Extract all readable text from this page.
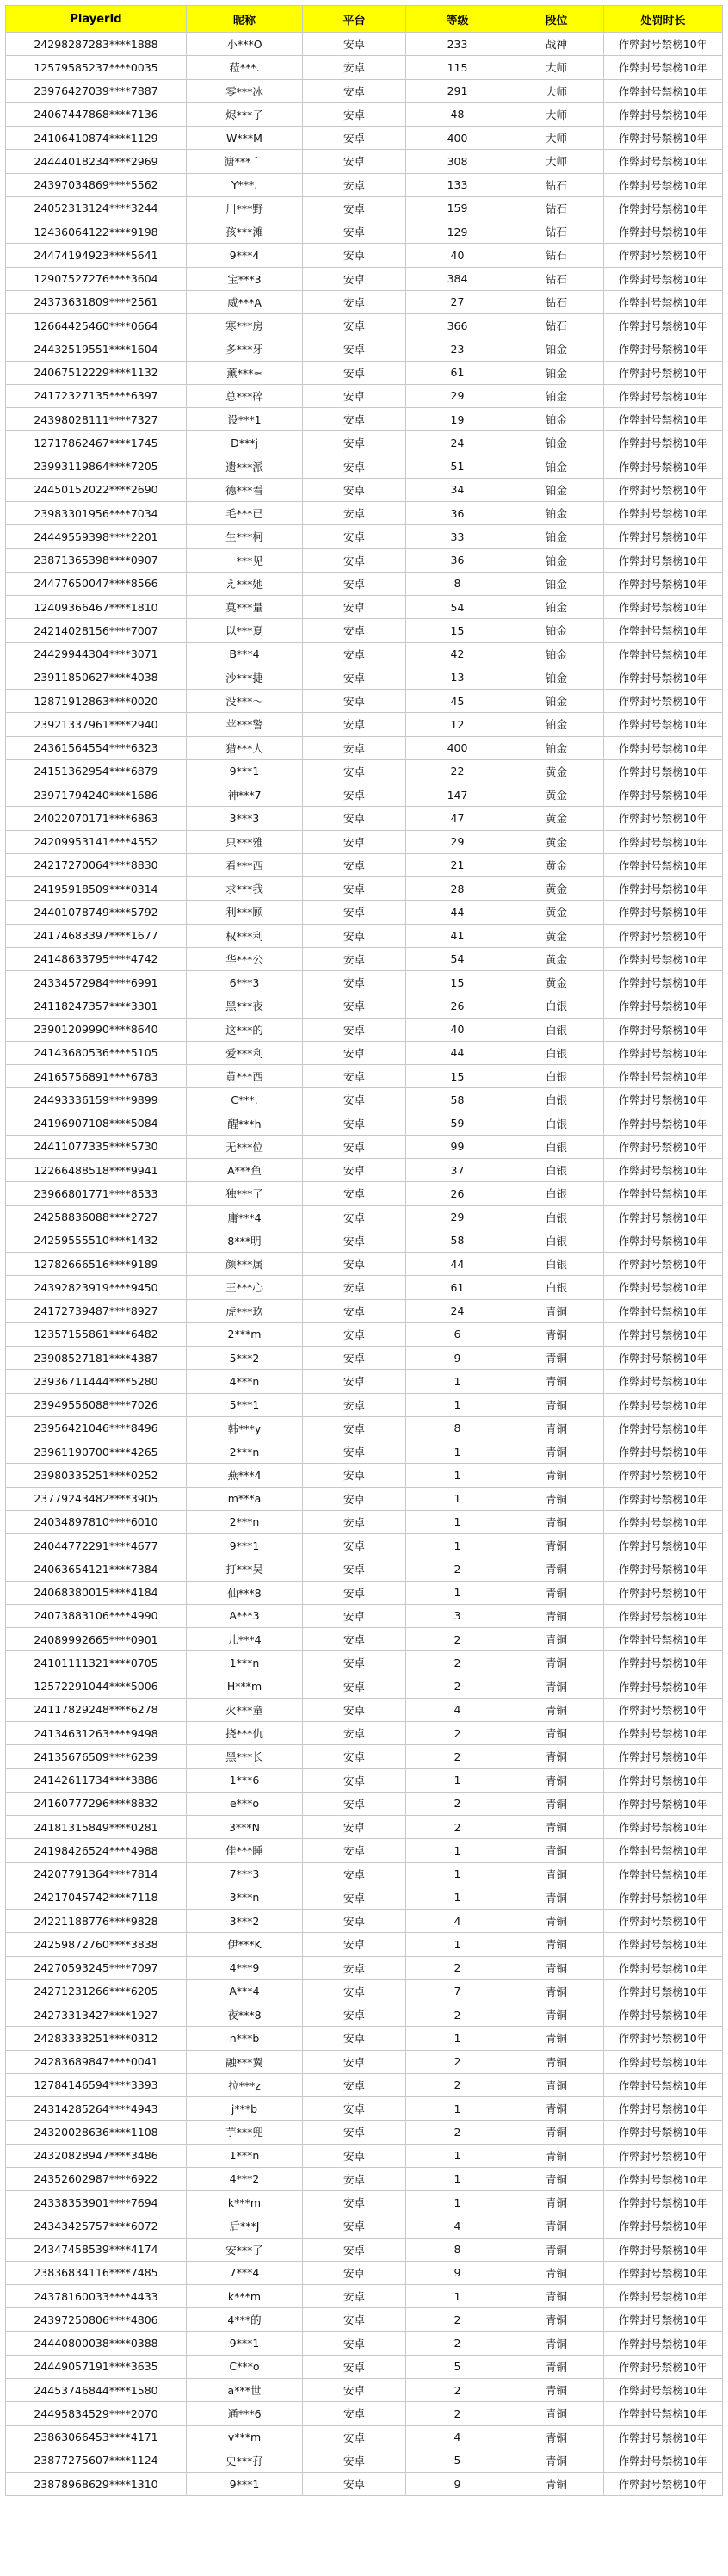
PlayerId	昵称	平台	等级	段位	处罚时长
24298287283****1888	小***O	安卓	233	战神	作弊封号禁榜10年
12579585237****0035	菈***.	安卓	115	大师	作弊封号禁榜10年
23976427039****7887	零***冰	安卓	291	大师	作弊封号禁榜10年
24067447868****7136	烬***子	安卓	48	大师	作弊封号禁榜10年
24106410874****1129	W***M	安卓	400	大师	作弊封号禁榜10年
24444018234****2969	溏*** ゛	安卓	308	大师	作弊封号禁榜10年
24397034869****5562	Y***.	安卓	133	钻石	作弊封号禁榜10年
24052313124****3244	川***野	安卓	159	钻石	作弊封号禁榜10年
12436064122****9198	孩***滩	安卓	129	钻石	作弊封号禁榜10年
24474194923****5641	9***4	安卓	40	钻石	作弊封号禁榜10年
12907527276****3604	宝***3	安卓	384	钻石	作弊封号禁榜10年
24373631809****2561	威***A	安卓	27	钻石	作弊封号禁榜10年
12664425460****0664	寒***房	安卓	366	钻石	作弊封号禁榜10年
24432519551****1604	多***牙	安卓	23	铂金	作弊封号禁榜10年
24067512229****1132	薰***≈	安卓	61	铂金	作弊封号禁榜10年
24172327135****6397	总***碎	安卓	29	铂金	作弊封号禁榜10年
24398028111****7327	设***1	安卓	19	铂金	作弊封号禁榜10年
12717862467****1745	D***j	安卓	24	铂金	作弊封号禁榜10年
23993119864****7205	遗***派	安卓	51	铂金	作弊封号禁榜10年
24450152022****2690	德***看	安卓	34	铂金	作弊封号禁榜10年
23983301956****7034	毛***已	安卓	36	铂金	作弊封号禁榜10年
24449559398****2201	生***柯	安卓	33	铂金	作弊封号禁榜10年
23871365398****0907	一***见	安卓	36	铂金	作弊封号禁榜10年
24477650047****8566	え***她	安卓	8	铂金	作弊封号禁榜10年
12409366467****1810	莫***量	安卓	54	铂金	作弊封号禁榜10年
24214028156****7007	以***夏	安卓	15	铂金	作弊封号禁榜10年
24429944304****3071	B***4	安卓	42	铂金	作弊封号禁榜10年
23911850627****4038	沙***捷	安卓	13	铂金	作弊封号禁榜10年
12871912863****0020	没***～	安卓	45	铂金	作弊封号禁榜10年
23921337961****2940	苹***警	安卓	12	铂金	作弊封号禁榜10年
24361564554****6323	猎***人	安卓	400	铂金	作弊封号禁榜10年
24151362954****6879	9***1	安卓	22	黄金	作弊封号禁榜10年
23971794240****1686	神***7	安卓	147	黄金	作弊封号禁榜10年
24022070171****6863	3***3	安卓	47	黄金	作弊封号禁榜10年
24209953141****4552	只***雅	安卓	29	黄金	作弊封号禁榜10年
24217270064****8830	看***西	安卓	21	黄金	作弊封号禁榜10年
24195918509****0314	求***我	安卓	28	黄金	作弊封号禁榜10年
24401078749****5792	利***顾	安卓	44	黄金	作弊封号禁榜10年
24174683397****1677	权***利	安卓	41	黄金	作弊封号禁榜10年
24148633795****4742	华***公	安卓	54	黄金	作弊封号禁榜10年
24334572984****6991	6***3	安卓	15	黄金	作弊封号禁榜10年
24118247357****3301	黑***夜	安卓	26	白银	作弊封号禁榜10年
23901209990****8640	这***的	安卓	40	白银	作弊封号禁榜10年
24143680536****5105	爱***利	安卓	44	白银	作弊封号禁榜10年
24165756891****6783	黄***西	安卓	15	白银	作弊封号禁榜10年
24493336159****9899	C***.	安卓	58	白银	作弊封号禁榜10年
24196907108****5084	醒***h	安卓	59	白银	作弊封号禁榜10年
24411077335****5730	无***位	安卓	99	白银	作弊封号禁榜10年
12266488518****9941	A***鱼	安卓	37	白银	作弊封号禁榜10年
23966801771****8533	独***了	安卓	26	白银	作弊封号禁榜10年
24258836088****2727	庸***4	安卓	29	白银	作弊封号禁榜10年
24259555510****1432	8***明	安卓	58	白银	作弊封号禁榜10年
12782666516****9189	颜***属	安卓	44	白银	作弊封号禁榜10年
24392823919****9450	王***心	安卓	61	白银	作弊封号禁榜10年
24172739487****8927	虎***玖	安卓	24	青铜	作弊封号禁榜10年
12357155861****6482	2***m	安卓	6	青铜	作弊封号禁榜10年
23908527181****4387	5***2	安卓	9	青铜	作弊封号禁榜10年
23936711444****5280	4***n	安卓	1	青铜	作弊封号禁榜10年
23949556088****7026	5***1	安卓	1	青铜	作弊封号禁榜10年
23956421046****8496	韩***y	安卓	8	青铜	作弊封号禁榜10年
23961190700****4265	2***n	安卓	1	青铜	作弊封号禁榜10年
23980335251****0252	燕***4	安卓	1	青铜	作弊封号禁榜10年
23779243482****3905	m***a	安卓	1	青铜	作弊封号禁榜10年
24034897810****6010	2***n	安卓	1	青铜	作弊封号禁榜10年
24044772291****4677	9***1	安卓	1	青铜	作弊封号禁榜10年
24063654121****7384	打***吴	安卓	2	青铜	作弊封号禁榜10年
24068380015****4184	仙***8	安卓	1	青铜	作弊封号禁榜10年
24073883106****4990	A***3	安卓	3	青铜	作弊封号禁榜10年
24089992665****0901	儿***4	安卓	2	青铜	作弊封号禁榜10年
24101111321****0705	1***n	安卓	2	青铜	作弊封号禁榜10年
12572291044****5006	H***m	安卓	2	青铜	作弊封号禁榜10年
24117829248****6278	火***童	安卓	4	青铜	作弊封号禁榜10年
24134631263****9498	挠***仇	安卓	2	青铜	作弊封号禁榜10年
24135676509****6239	黑***长	安卓	2	青铜	作弊封号禁榜10年
24142611734****3886	1***6	安卓	1	青铜	作弊封号禁榜10年
24160777296****8832	e***o	安卓	2	青铜	作弊封号禁榜10年
24181315849****0281	3***N	安卓	2	青铜	作弊封号禁榜10年
24198426524****4988	佳***睡	安卓	1	青铜	作弊封号禁榜10年
24207791364****7814	7***3	安卓	1	青铜	作弊封号禁榜10年
24217045742****7118	3***n	安卓	1	青铜	作弊封号禁榜10年
24221188776****9828	3***2	安卓	4	青铜	作弊封号禁榜10年
24259872760****3838	伊***K	安卓	1	青铜	作弊封号禁榜10年
24270593245****7097	4***9	安卓	2	青铜	作弊封号禁榜10年
24271231266****6205	A***4	安卓	7	青铜	作弊封号禁榜10年
24273313427****1927	夜***8	安卓	2	青铜	作弊封号禁榜10年
24283333251****0312	n***b	安卓	1	青铜	作弊封号禁榜10年
24283689847****0041	融***翼	安卓	2	青铜	作弊封号禁榜10年
12784146594****3393	拉***z	安卓	2	青铜	作弊封号禁榜10年
24314285264****4943	j***b	安卓	1	青铜	作弊封号禁榜10年
24320028636****1108	芋***兜	安卓	2	青铜	作弊封号禁榜10年
24320828947****3486	1***n	安卓	1	青铜	作弊封号禁榜10年
24352602987****6922	4***2	安卓	1	青铜	作弊封号禁榜10年
24338353901****7694	k***m	安卓	1	青铜	作弊封号禁榜10年
24343425757****6072	后***J	安卓	4	青铜	作弊封号禁榜10年
24347458539****4174	安***了	安卓	8	青铜	作弊封号禁榜10年
23836834116****7485	7***4	安卓	9	青铜	作弊封号禁榜10年
24378160033****4433	k***m	安卓	1	青铜	作弊封号禁榜10年
24397250806****4806	4***的	安卓	2	青铜	作弊封号禁榜10年
24440800038****0388	9***1	安卓	2	青铜	作弊封号禁榜10年
24449057191****3635	C***o	安卓	5	青铜	作弊封号禁榜10年
24453746844****1580	a***世	安卓	2	青铜	作弊封号禁榜10年
24495834529****2070	通***6	安卓	2	青铜	作弊封号禁榜10年
23863066453****4171	v***m	安卓	4	青铜	作弊封号禁榜10年
23877275607****1124	史***孖	安卓	5	青铜	作弊封号禁榜10年
23878968629****1310	9***1	安卓	9	青铜	作弊封号禁榜10年
